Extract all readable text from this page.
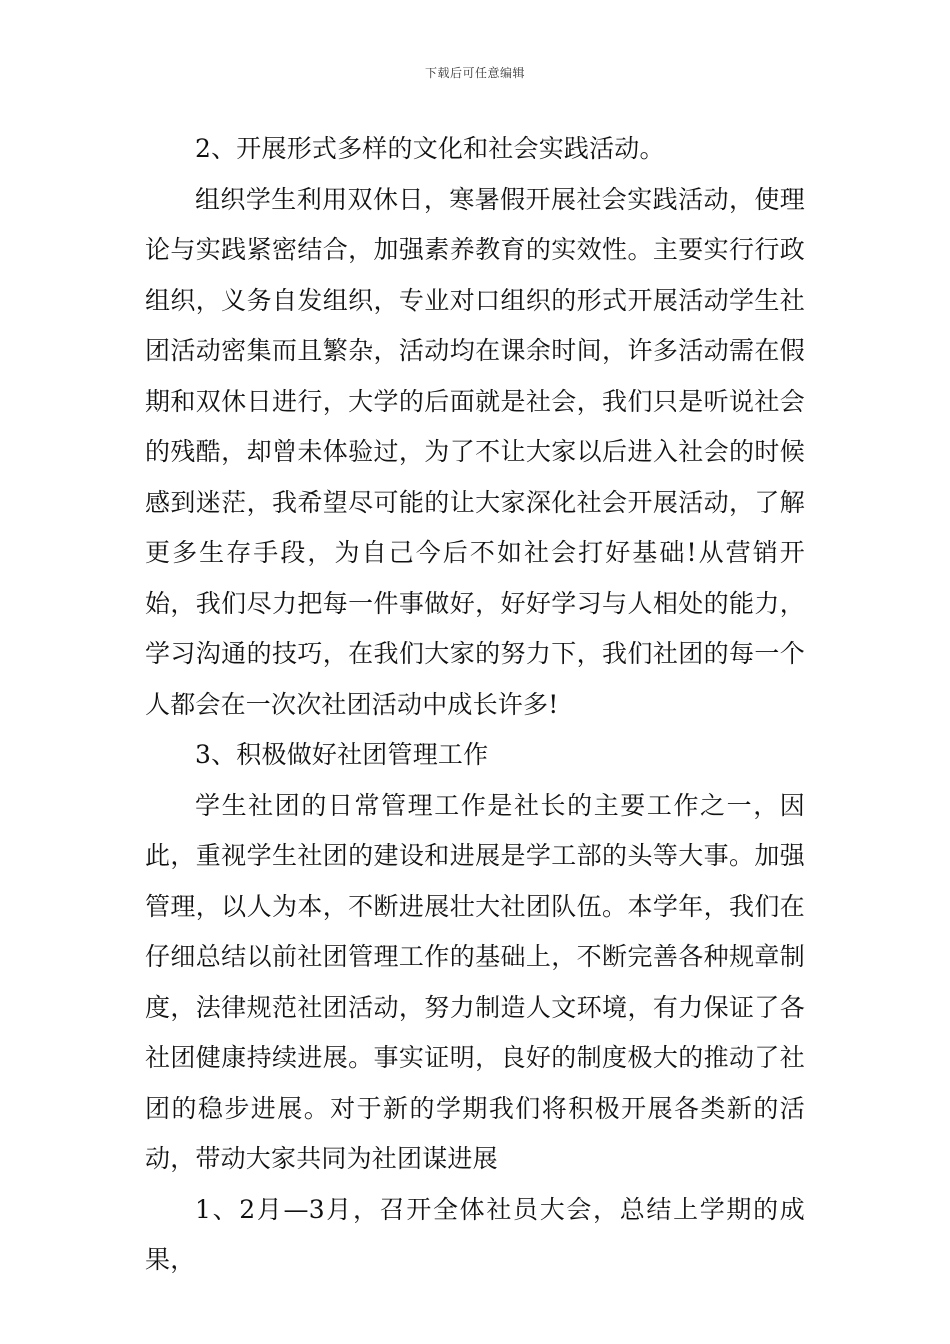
下载后可任意编辑

2、开展形式多样的文化和社会实践活动。

组织学生利用双休日，寒暑假开展社会实践活动，使理论与实践紧密结合，加强素养教育的实效性。主要实行行政组织，义务自发组织，专业对口组织的形式开展活动学生社团活动密集而且繁杂，活动均在课余时间，许多活动需在假期和双休日进行，大学的后面就是社会，我们只是听说社会的残酷，却曾未体验过，为了不让大家以后进入社会的时候感到迷茫，我希望尽可能的让大家深化社会开展活动，了解更多生存手段，为自己今后不如社会打好基础!从营销开始，我们尽力把每一件事做好，好好学习与人相处的能力，学习沟通的技巧，在我们大家的努力下，我们社团的每一个人都会在一次次社团活动中成长许多!

3、积极做好社团管理工作

学生社团的日常管理工作是社长的主要工作之一，因此，重视学生社团的建设和进展是学工部的头等大事。加强管理，以人为本，不断进展壮大社团队伍。本学年，我们在仔细总结以前社团管理工作的基础上，不断完善各种规章制度，法律规范社团活动，努力制造人文环境，有力保证了各社团健康持续进展。事实证明，良好的制度极大的推动了社团的稳步进展。对于新的学期我们将积极开展各类新的活动，带动大家共同为社团谋进展

1、2月—3月，召开全体社员大会，总结上学期的成果，
